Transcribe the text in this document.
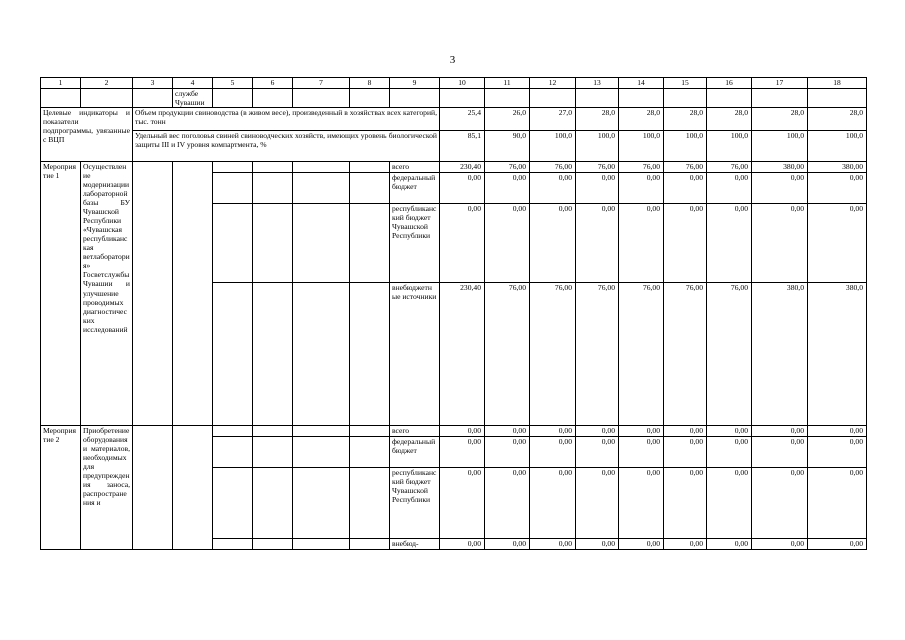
3
1	2	3	4	5	6	7	8	9	10	11	12	13	14	15	16	17	18
			службе Чувашии														
Целевые индикаторы и показатели подпрограммы, увязанные с ВЦП		Объем продукции свиноводства (в живом весе), произведенный в хозяйствах всех категорий, тыс. тонн							25,4	26,0	27,0	28,0	28,0	28,0	28,0	28,0	28,0
		Удельный вес поголовья свиней свиноводческих хозяйств, имеющих уровень биологической защиты III и IV уровня компартмента, %							85,1	90,0	100,0	100,0	100,0	100,0	100,0	100,0	100,0
Мероприятие 1	Осуществление модернизации лабораторной базы БУ Чувашской Республики «Чувашская республиканская ветлаборатория» Госветслужбы Чувашии и улучшение проводимых диагностических исследований							всего	230,40	76,00	76,00	76,00	76,00	76,00	76,00	380,00	380,00
								федеральный бюджет	0,00	0,00	0,00	0,00	0,00	0,00	0,00	0,00	0,00
								республиканский бюджет Чувашской Республики	0,00	0,00	0,00	0,00	0,00	0,00	0,00	0,00	0,00
								внебюджетные источники	230,40	76,00	76,00	76,00	76,00	76,00	76,00	380,0	380,0
Мероприятие 2	Приобретение оборудования и материалов, необходимых для предупреждения заноса, распространения и							всего	0,00	0,00	0,00	0,00	0,00	0,00	0,00	0,00	0,00
								федеральный бюджет	0,00	0,00	0,00	0,00	0,00	0,00	0,00	0,00	0,00
								республиканский бюджет Чувашской Республики	0,00	0,00	0,00	0,00	0,00	0,00	0,00	0,00	0,00
								внебюд-	0,00	0,00	0,00	0,00	0,00	0,00	0,00	0,00	0,00
